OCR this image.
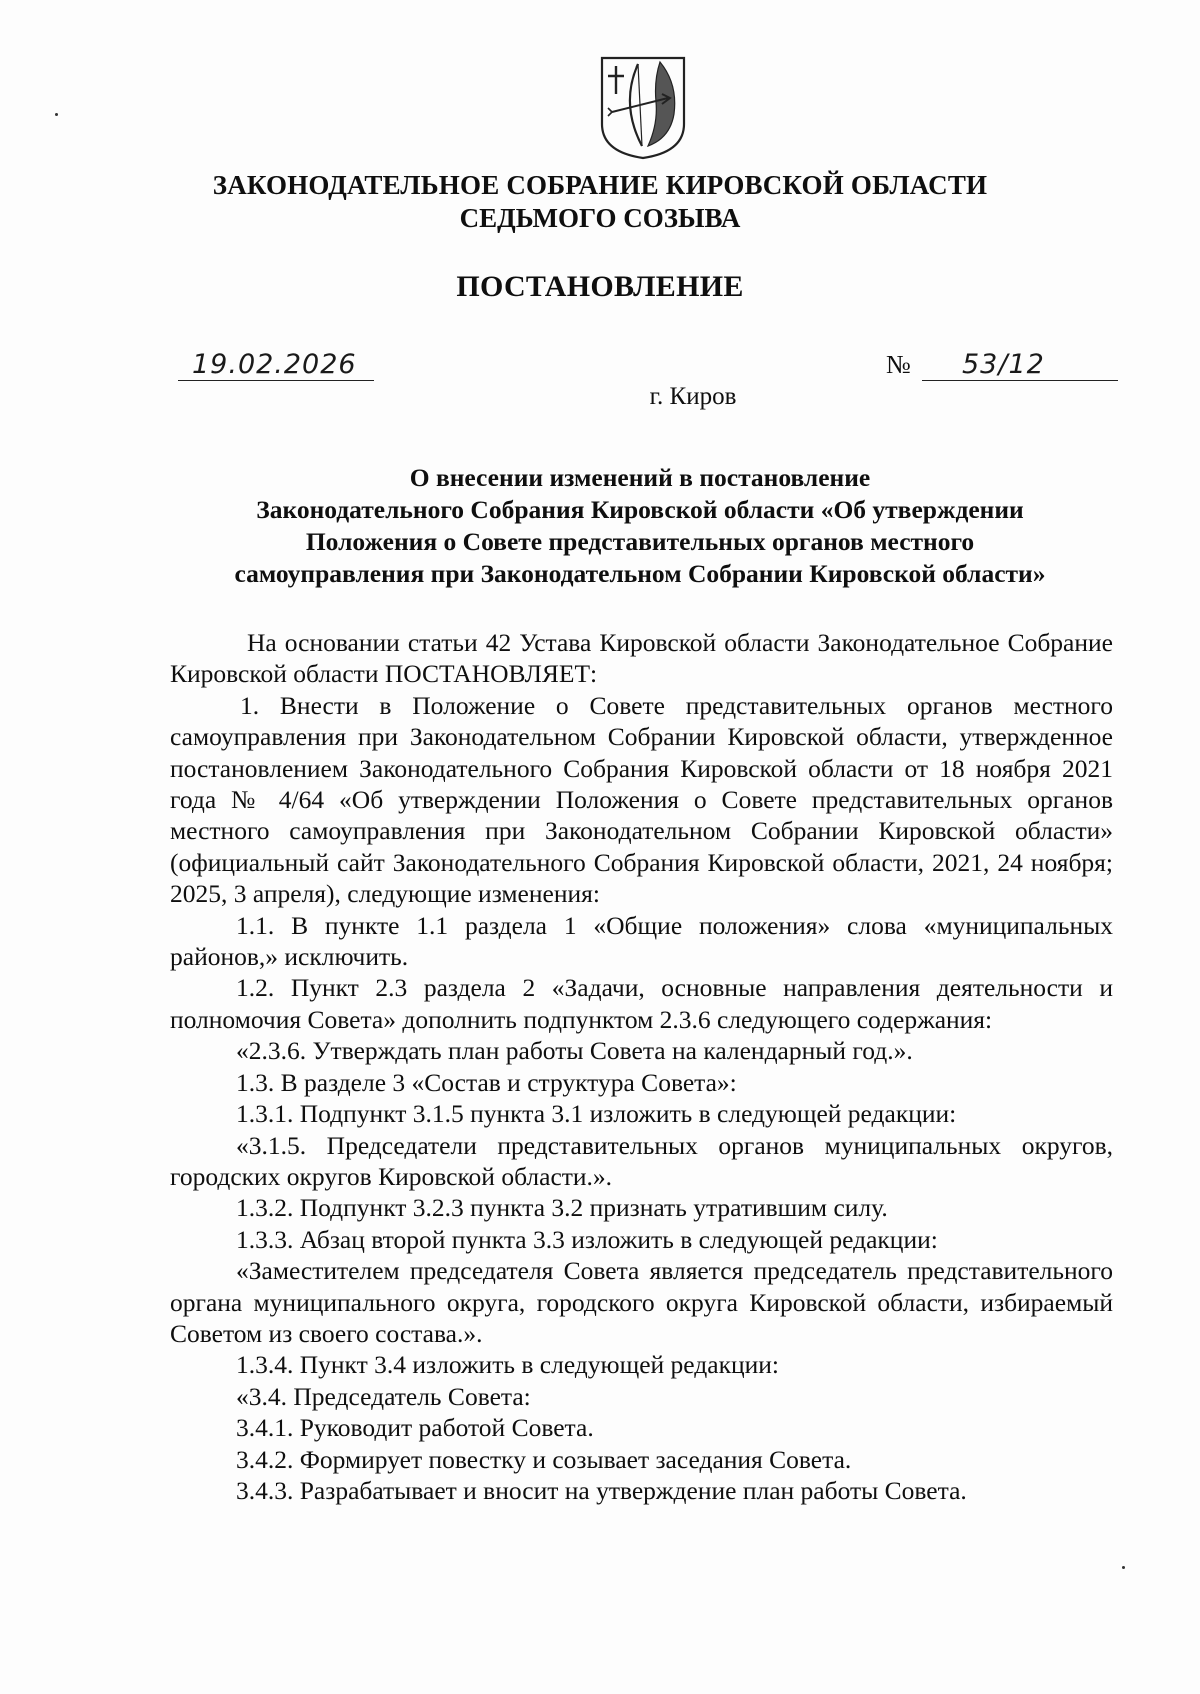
ЗАКОНОДАТЕЛЬНОЕ СОБРАНИЕ КИРОВСКОЙ ОБЛАСТИ
СЕДЬМОГО СОЗЫВА
ПОСТАНОВЛЕНИЕ
19.02.2026	№ 53/12
г. Киров
О внесении изменений в постановление
Законодательного Собрания Кировской области «Об утверждении
Положения о Совете представительных органов местного
самоуправления при Законодательном Собрании Кировской области»

На основании статьи 42 Устава Кировской области Законодательное Собрание Кировской области ПОСТАНОВЛЯЕТ:

1. Внести в Положение о Совете представительных органов местного самоуправления при Законодательном Собрании Кировской области, утвержденное постановлением Законодательного Собрания Кировской области от 18 ноября 2021 года № 4/64 «Об утверждении Положения о Совете представительных органов местного самоуправления при Законодательном Собрании Кировской области» (официальный сайт Законодательного Собрания Кировской области, 2021, 24 ноября; 2025, 3 апреля), следующие изменения:

1.1. В пункте 1.1 раздела 1 «Общие положения» слова «муниципальных районов,» исключить.

1.2. Пункт 2.3 раздела 2 «Задачи, основные направления деятельности и полномочия Совета» дополнить подпунктом 2.3.6 следующего содержания:

«2.3.6. Утверждать план работы Совета на календарный год.».

1.3. В разделе 3 «Состав и структура Совета»:

1.3.1. Подпункт 3.1.5 пункта 3.1 изложить в следующей редакции:

«3.1.5. Председатели представительных органов муниципальных округов, городских округов Кировской области.».

1.3.2. Подпункт 3.2.3 пункта 3.2 признать утратившим силу.

1.3.3. Абзац второй пункта 3.3 изложить в следующей редакции:

«Заместителем председателя Совета является председатель представительного органа муниципального округа, городского округа Кировской области, избираемый Советом из своего состава.».

1.3.4. Пункт 3.4 изложить в следующей редакции:

«3.4. Председатель Совета:

3.4.1. Руководит работой Совета.

3.4.2. Формирует повестку и созывает заседания Совета.

3.4.3. Разрабатывает и вносит на утверждение план работы Совета.
